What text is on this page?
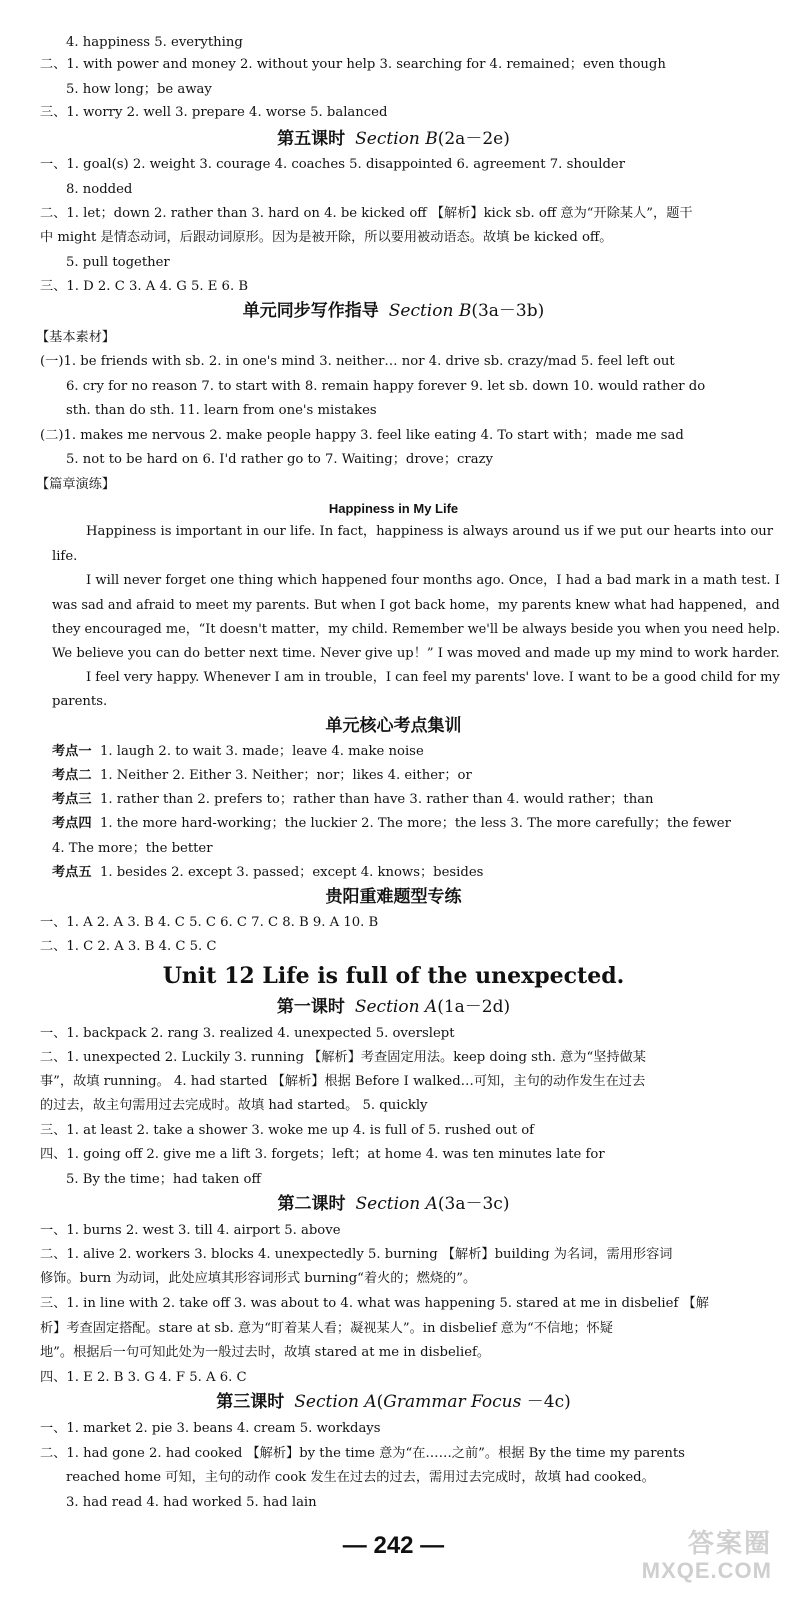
4. happiness 5. everything
二、1. with power and money 2. without your help 3. searching for 4. remained；even though
5. how long；be away
三、1. worry 2. well 3. prepare 4. worse 5. balanced
第五课时 Section B(2a－2e)
一、1. goal(s) 2. weight 3. courage 4. coaches 5. disappointed 6. agreement 7. shoulder
8. nodded
二、1. let；down 2. rather than 3. hard on 4. be kicked off 【解析】kick sb. off 意为“开除某人”，题干
中 might 是情态动词，后跟动词原形。因为是被开除，所以要用被动语态。故填 be kicked off。
5. pull together
三、1. D 2. C 3. A 4. G 5. E 6. B
单元同步写作指导 Section B(3a－3b)
【基本素材】
(一)1. be friends with sb. 2. in one's mind 3. neither… nor 4. drive sb. crazy/mad 5. feel left out
6. cry for no reason 7. to start with 8. remain happy forever 9. let sb. down 10. would rather do
sth. than do sth. 11. learn from one's mistakes
(二)1. makes me nervous 2. make people happy 3. feel like eating 4. To start with；made me sad
5. not to be hard on 6. I'd rather go to 7. Waiting；drove；crazy
【篇章演练】
Happiness in My Life
Happiness is important in our life. In fact，happiness is always around us if we put our hearts into our
life.
I will never forget one thing which happened four months ago. Once，I had a bad mark in a math test. I
was sad and afraid to meet my parents. But when I got back home，my parents knew what had happened，and
they encouraged me，“It doesn't matter，my child. Remember we'll be always beside you when you need help.
We believe you can do better next time. Never give up！” I was moved and made up my mind to work harder.
I feel very happy. Whenever I am in trouble，I can feel my parents' love. I want to be a good child for my
parents.
单元核心考点集训
考点一 1. laugh 2. to wait 3. made；leave 4. make noise
考点二 1. Neither 2. Either 3. Neither；nor；likes 4. either；or
考点三 1. rather than 2. prefers to；rather than have 3. rather than 4. would rather；than
考点四 1. the more hard-working；the luckier 2. The more；the less 3. The more carefully；the fewer
4. The more；the better
考点五 1. besides 2. except 3. passed；except 4. knows；besides
贵阳重难题型专练
一、1. A 2. A 3. B 4. C 5. C 6. C 7. C 8. B 9. A 10. B
二、1. C 2. A 3. B 4. C 5. C
Unit 12 Life is full of the unexpected.
第一课时 Section A(1a－2d)
一、1. backpack 2. rang 3. realized 4. unexpected 5. overslept
二、1. unexpected 2. Luckily 3. running 【解析】考查固定用法。keep doing sth. 意为“坚持做某
事”，故填 running。 4. had started 【解析】根据 Before I walked…可知，主句的动作发生在过去
的过去，故主句需用过去完成时。故填 had started。 5. quickly
三、1. at least 2. take a shower 3. woke me up 4. is full of 5. rushed out of
四、1. going off 2. give me a lift 3. forgets；left；at home 4. was ten minutes late for
5. By the time；had taken off
第二课时 Section A(3a－3c)
一、1. burns 2. west 3. till 4. airport 5. above
二、1. alive 2. workers 3. blocks 4. unexpectedly 5. burning 【解析】building 为名词，需用形容词
修饰。burn 为动词，此处应填其形容词形式 burning“着火的；燃烧的”。
三、1. in line with 2. take off 3. was about to 4. what was happening 5. stared at me in disbelief 【解
析】考查固定搭配。stare at sb. 意为“盯着某人看；凝视某人”。in disbelief 意为“不信地；怀疑
地”。根据后一句可知此处为一般过去时，故填 stared at me in disbelief。
四、1. E 2. B 3. G 4. F 5. A 6. C
第三课时 Section A(Grammar Focus －4c)
一、1. market 2. pie 3. beans 4. cream 5. workdays
二、1. had gone 2. had cooked 【解析】by the time 意为“在……之前”。根据 By the time my parents
reached home 可知，主句的动作 cook 发生在过去的过去，需用过去完成时，故填 had cooked。
3. had read 4. had worked 5. had lain
— 242 —	答案圈
MXQE.COM
